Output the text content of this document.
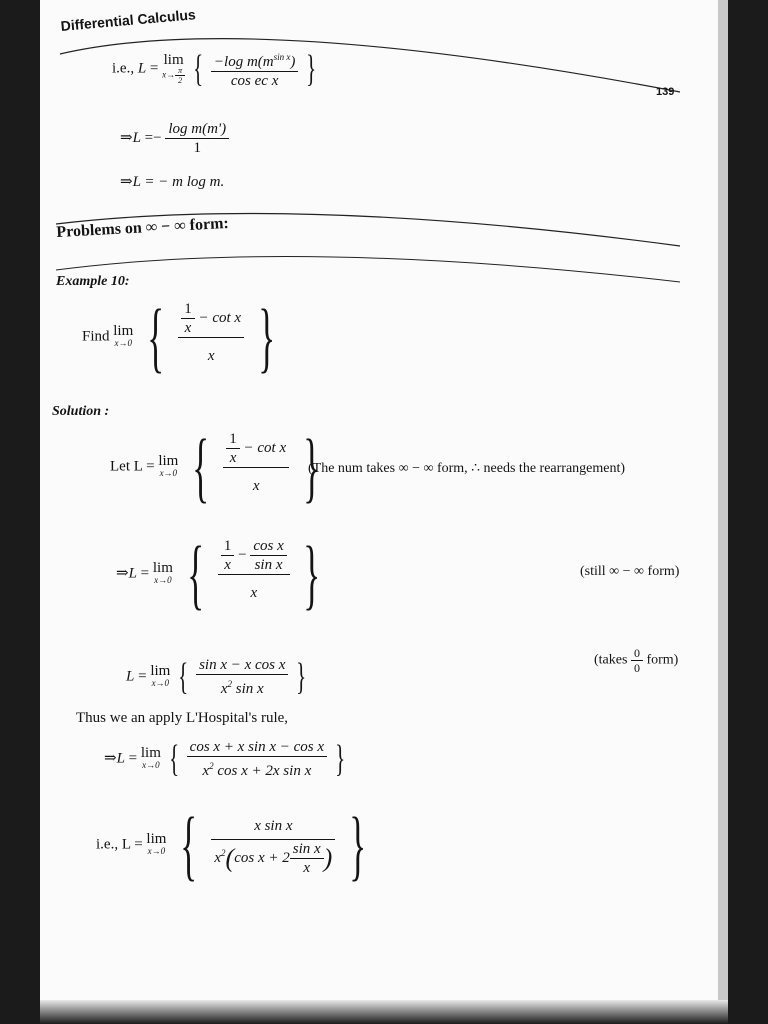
Differential Calculus
139
i.e., L = lim
$x\to \frac{\pi}{2}$ { $\frac{-\log m(m^{sin x})}{\text{cos ec x}}$ }
⇒L =− $\frac{\text{log m(m')}}{1}$
⇒L = − m log m.
Problems on ∞ − ∞ form:
Example 10:
Find lim
x→0 { $\frac{\frac{1}{x} - \cot x}{x}$ }
Solution :
Let L = lim
x→0 { $\frac{\frac{1}{x} - \cot x}{x}$ }
(The num takes ∞ − ∞ form, ∴ needs the rearrangement)
⇒L = lim
x→0 { $\frac{\frac{1}{x} - \frac{\text{cos x}}{\text{sin x}}}{x}$ }	(still ∞ − ∞ form)
L = lim
x→0 { $\frac{\text{sin x − x cos x}}{x^2 \sin x}$ }	(takes $\frac{0}{0}$ form)
Thus we an apply L'Hospital's rule,
⇒L = lim
x→0 { $\frac{\text{cos x + x sin x − cos x}}{x^2 \cos x + 2x \sin x}$ }
i.e., L = lim
x→0 { $\frac{\text{x sin x}}{x^2(\cos x + 2 \frac{\text{sin x}}{x} )}$ }
